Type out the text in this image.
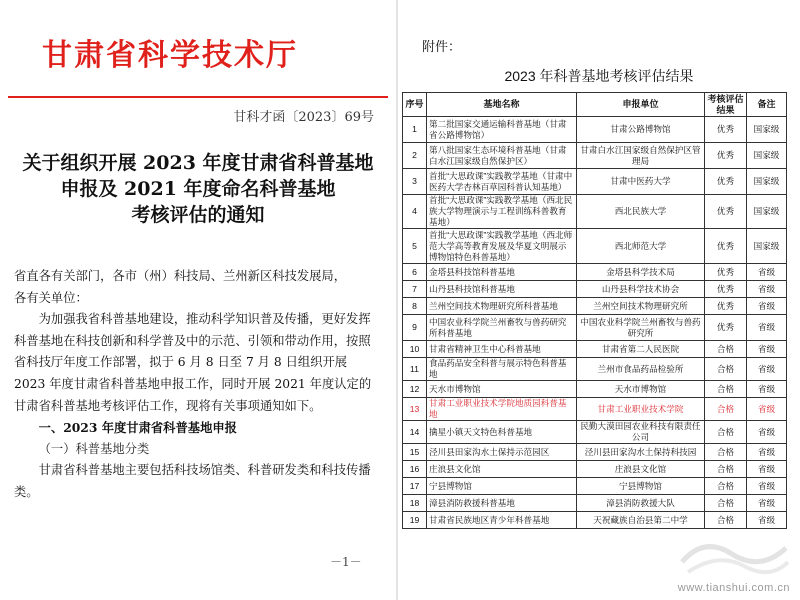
甘肃省科学技术厅
甘科才函〔2023〕69号
关于组织开展 2023 年度甘肃省科普基地
申报及 2021 年度命名科普基地
考核评估的通知

省直各有关部门，各市（州）科技局、兰州新区科技发展局，

各有关单位：

为加强我省科普基地建设，推动科学知识普及传播，更好发挥科普基地在科技创新和科学普及中的示范、引领和带动作用，按照省科技厅年度工作部署，拟于 6 月 8 日至 7 月 8 日组织开展 2023 年度甘肃省科普基地申报工作，同时开展 2021 年度认定的甘肃省科普基地考核评估工作，现将有关事项通知如下。

一、2023 年度甘肃省科普基地申报

（一）科普基地分类

甘肃省科普基地主要包括科技场馆类、科普研发类和科技传播类。

－1－
附件：
2023 年科普基地考核评估结果
序号	基地名称	申报单位	考核评估结果	备注
1	第二批国家交通运输科普基地（甘肃省公路博物馆）	甘肃公路博物馆	优秀	国家级
2	第八批国家生态环境科普基地（甘肃白水江国家级自然保护区）	甘肃白水江国家级自然保护区管理局	优秀	国家级
3	首批“大思政课”实践教学基地（甘肃中医药大学杏林百草园科普认知基地）	甘肃中医药大学	优秀	国家级
4	首批“大思政课”实践教学基地（西北民族大学物理演示与工程训练科普教育基地）	西北民族大学	优秀	国家级
5	首批“大思政课”实践教学基地（西北师范大学高等教育发展及华夏文明展示博物馆特色科普基地）	西北师范大学	优秀	国家级
6	金塔县科技馆科普基地	金塔县科学技术局	优秀	省级
7	山丹县科技馆科普基地	山丹县科学技术协会	优秀	省级
8	兰州空间技术物理研究所科普基地	兰州空间技术物理研究所	优秀	省级
9	中国农业科学院兰州畜牧与兽药研究所科普基地	中国农业科学院兰州畜牧与兽药研究所	优秀	省级
10	甘肃省精神卫生中心科普基地	甘肃省第二人民医院	合格	省级
11	食品药品安全科普与展示特色科普基地	兰州市食品药品检验所	合格	省级
12	天水市博物馆	天水市博物馆	合格	省级
13	甘肃工业职业技术学院地质园科普基地	甘肃工业职业技术学院	合格	省级
14	擒星小镇天文特色科普基地	民勤大漠田园农业科技有限责任公司	合格	省级
15	泾川县田家沟水土保持示范园区	泾川县田家沟水土保持科技园	合格	省级
16	庄浪县文化馆	庄浪县文化馆	合格	省级
17	宁县博物馆	宁县博物馆	合格	省级
18	漳县消防救援科普基地	漳县消防救援大队	合格	省级
19	甘肃省民族地区青少年科普基地	天祝藏族自治县第二中学	合格	省级
www.tianshui.com.cn
